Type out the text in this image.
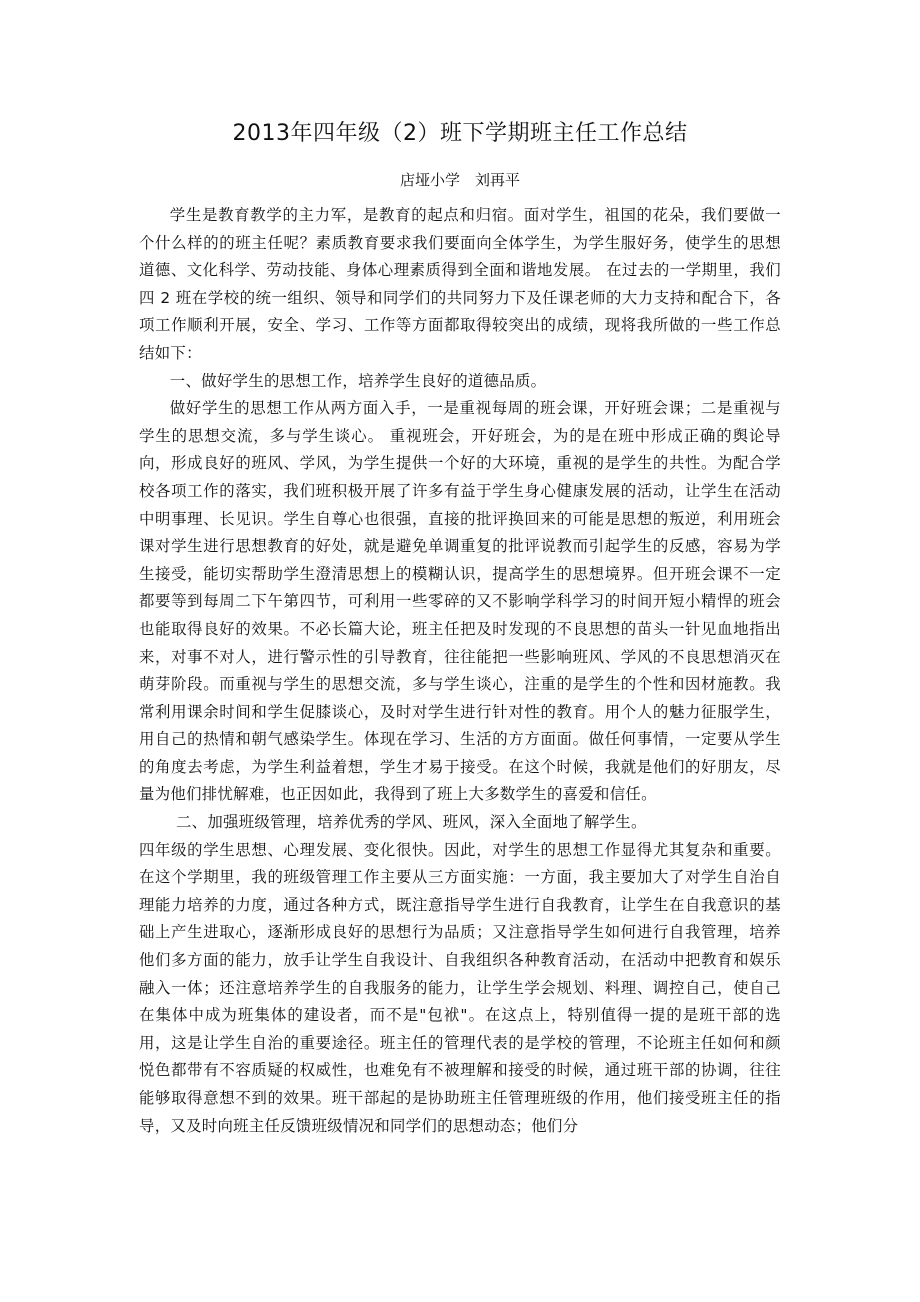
2013年四年级（2）班下学期班主任工作总结
店垭小学　刘再平

学生是教育教学的主力军，是教育的起点和归宿。面对学生，祖国的花朵，我们要做一个什么样的的班主任呢？素质教育要求我们要面向全体学生，为学生服好务，使学生的思想道德、文化科学、劳动技能、身体心理素质得到全面和谐地发展。 在过去的一学期里，我们四 2 班在学校的统一组织、领导和同学们的共同努力下及任课老师的大力支持和配合下，各项工作顺利开展，安全、学习、工作等方面都取得较突出的成绩，现将我所做的一些工作总结如下：

一、做好学生的思想工作，培养学生良好的道德品质。

做好学生的思想工作从两方面入手，一是重视每周的班会课，开好班会课；二是重视与学生的思想交流，多与学生谈心。 重视班会，开好班会，为的是在班中形成正确的舆论导向，形成良好的班风、学风，为学生提供一个好的大环境，重视的是学生的共性。为配合学校各项工作的落实，我们班积极开展了许多有益于学生身心健康发展的活动，让学生在活动中明事理、长见识。学生自尊心也很强，直接的批评换回来的可能是思想的叛逆，利用班会课对学生进行思想教育的好处，就是避免单调重复的批评说教而引起学生的反感，容易为学生接受，能切实帮助学生澄清思想上的模糊认识，提高学生的思想境界。但开班会课不一定都要等到每周二下午第四节，可利用一些零碎的又不影响学科学习的时间开短小精悍的班会也能取得良好的效果。不必长篇大论，班主任把及时发现的不良思想的苗头一针见血地指出来，对事不对人，进行警示性的引导教育，往往能把一些影响班风、学风的不良思想消灭在萌芽阶段。而重视与学生的思想交流，多与学生谈心，注重的是学生的个性和因材施教。我常利用课余时间和学生促膝谈心，及时对学生进行针对性的教育。用个人的魅力征服学生，用自己的热情和朝气感染学生。体现在学习、生活的方方面面。做任何事情，一定要从学生的角度去考虑，为学生利益着想，学生才易于接受。在这个时候，我就是他们的好朋友，尽量为他们排忧解难，也正因如此，我得到了班上大多数学生的喜爱和信任。

二、加强班级管理，培养优秀的学风、班风，深入全面地了解学生。

四年级的学生思想、心理发展、变化很快。因此，对学生的思想工作显得尤其复杂和重要。在这个学期里，我的班级管理工作主要从三方面实施：一方面，我主要加大了对学生自治自理能力培养的力度，通过各种方式，既注意指导学生进行自我教育，让学生在自我意识的基础上产生进取心，逐渐形成良好的思想行为品质；又注意指导学生如何进行自我管理，培养他们多方面的能力，放手让学生自我设计、自我组织各种教育活动，在活动中把教育和娱乐融入一体；还注意培养学生的自我服务的能力，让学生学会规划、料理、调控自己，使自己在集体中成为班集体的建设者，而不是"包袱"。在这点上，特别值得一提的是班干部的选用，这是让学生自治的重要途径。班主任的管理代表的是学校的管理，不论班主任如何和颜悦色都带有不容质疑的权威性，也难免有不被理解和接受的时候，通过班干部的协调，往往能够取得意想不到的效果。班干部起的是协助班主任管理班级的作用，他们接受班主任的指导，又及时向班主任反馈班级情况和同学们的思想动态；他们分
